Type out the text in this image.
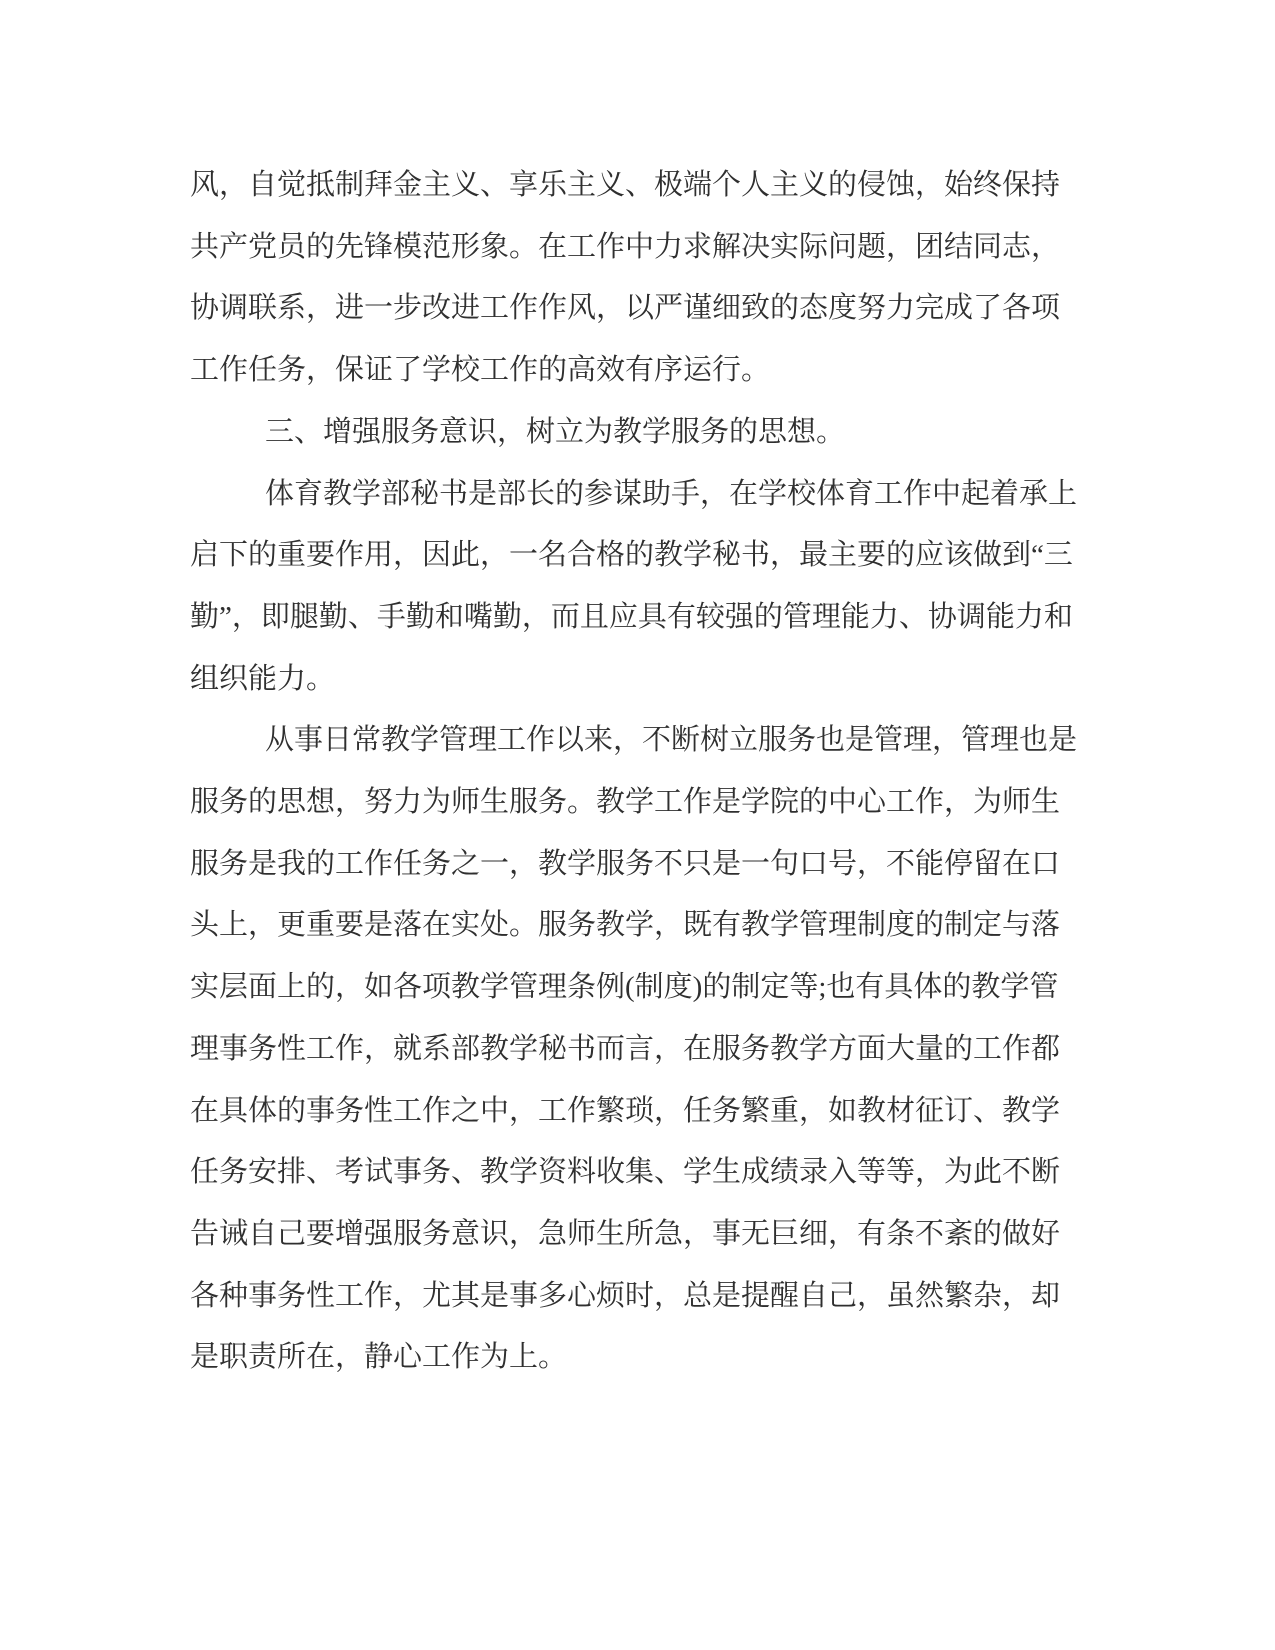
风，自觉抵制拜金主义、享乐主义、极端个人主义的侵蚀，始终保持
共产党员的先锋模范形象。在工作中力求解决实际问题，团结同志，
协调联系，进一步改进工作作风，以严谨细致的态度努力完成了各项
工作任务，保证了学校工作的高效有序运行。
三、增强服务意识，树立为教学服务的思想。
体育教学部秘书是部长的参谋助手，在学校体育工作中起着承上
启下的重要作用，因此，一名合格的教学秘书，最主要的应该做到“三
勤”，即腿勤、手勤和嘴勤，而且应具有较强的管理能力、协调能力和
组织能力。
从事日常教学管理工作以来，不断树立服务也是管理，管理也是
服务的思想，努力为师生服务。教学工作是学院的中心工作，为师生
服务是我的工作任务之一，教学服务不只是一句口号，不能停留在口
头上，更重要是落在实处。服务教学，既有教学管理制度的制定与落
实层面上的，如各项教学管理条例(制度)的制定等;也有具体的教学管
理事务性工作，就系部教学秘书而言，在服务教学方面大量的工作都
在具体的事务性工作之中，工作繁琐，任务繁重，如教材征订、教学
任务安排、考试事务、教学资料收集、学生成绩录入等等，为此不断
告诫自己要增强服务意识，急师生所急，事无巨细，有条不紊的做好
各种事务性工作，尤其是事多心烦时，总是提醒自己，虽然繁杂，却
是职责所在，静心工作为上。
